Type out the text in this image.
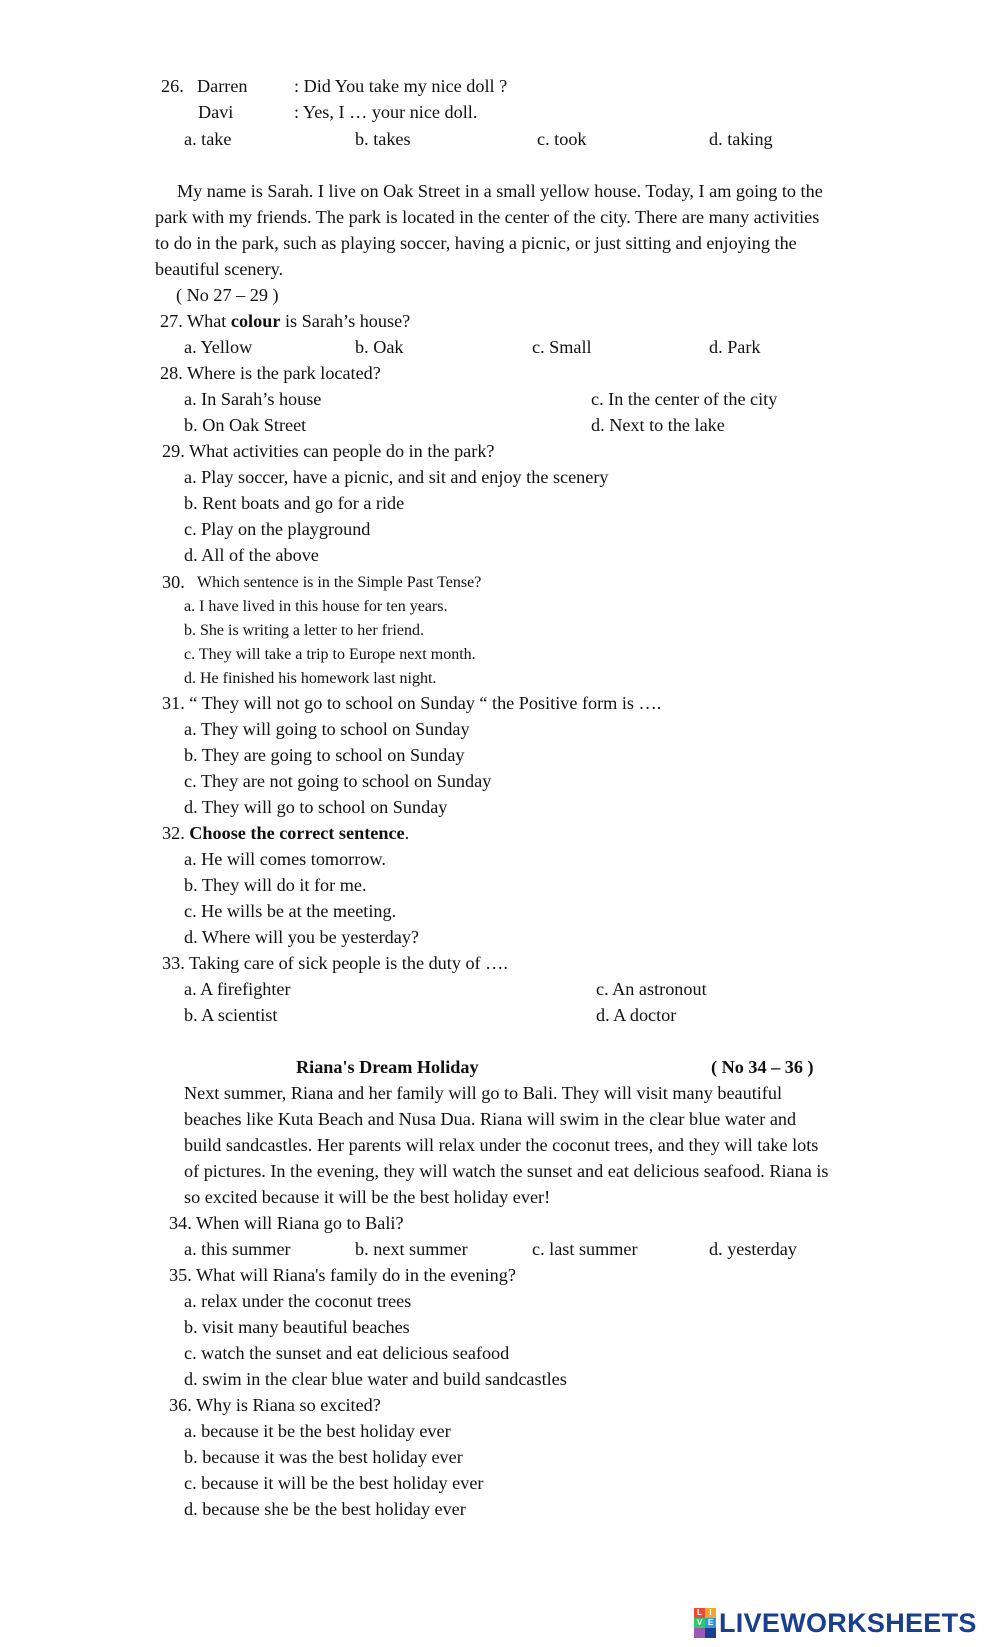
26. Darren	: Did You take my nice doll ?
Davi	: Yes, I … your nice doll.
a. take	b. takes	c. took	d. taking
My name is Sarah. I live on Oak Street in a small yellow house. Today, I am going to the
park with my friends. The park is located in the center of the city. There are many activities
to do in the park, such as playing soccer, having a picnic, or just sitting and enjoying the
beautiful scenery.
( No 27 – 29 )
27. What colour is Sarah’s house?
a. Yellow	b. Oak	c. Small	d. Park
28. Where is the park located?
a. In Sarah’s house	c. In the center of the city
b. On Oak Street	d. Next to the lake
29. What activities can people do in the park?
a. Play soccer, have a picnic, and sit and enjoy the scenery
b. Rent boats and go for a ride
c. Play on the playground
d. All of the above
30. Which sentence is in the Simple Past Tense?
a. I have lived in this house for ten years.
b. She is writing a letter to her friend.
c. They will take a trip to Europe next month.
d. He finished his homework last night.
31. “ They will not go to school on Sunday “ the Positive form is ….
a. They will going to school on Sunday
b. They are going to school on Sunday
c. They are not going to school on Sunday
d. They will go to school on Sunday
32. Choose the correct sentence.
a. He will comes tomorrow.
b. They will do it for me.
c. He wills be at the meeting.
d. Where will you be yesterday?
33. Taking care of sick people is the duty of ….
a. A firefighter	c. An astronout
b. A scientist	d. A doctor
Riana's Dream Holiday	( No 34 – 36 )
Next summer, Riana and her family will go to Bali. They will visit many beautiful
beaches like Kuta Beach and Nusa Dua. Riana will swim in the clear blue water and
build sandcastles. Her parents will relax under the coconut trees, and they will take lots
of pictures. In the evening, they will watch the sunset and eat delicious seafood. Riana is
so excited because it will be the best holiday ever!
34. When will Riana go to Bali?
a. this summer	b. next summer	c. last summer	d. yesterday
35. What will Riana's family do in the evening?
a. relax under the coconut trees
b. visit many beautiful beaches
c. watch the sunset and eat delicious seafood
d. swim in the clear blue water and build sandcastles
36. Why is Riana so excited?
a. because it be the best holiday ever
b. because it was the best holiday ever
c. because it will be the best holiday ever
d. because she be the best holiday ever
L I
V E LIVEWORKSHEETS
